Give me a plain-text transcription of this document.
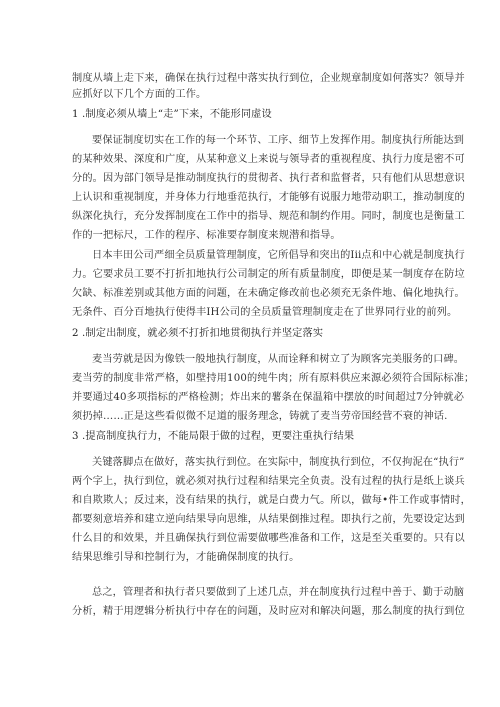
制度从墙上走下来，确保在执行过程中落实执行到位，企业规章制度如何落实？领导并
应抓好以下几个方面的工作。
1 .制度必须从墙上“走”下来，不能形同虚设
要保证制度切实在工作的每一个环节、工序、细节上发挥作用。制度执行所能达到
的某种效果、深度和广度，从某种意义上来说与领导者的重视程度、执行力度是密不可
分的。因为部门领导是推动制度执行的贯彻者、执行者和监督者，只有他们从思想意识
上认识和重视制度，并身体力行地垂范执行，才能够有说服力地带动职工，推动制度的
纵深化执行，充分发挥制度在工作中的指导、规范和制约作用。同时，制度也是衡量工
作的一把标尺，工作的程序、标准要存制度来规潜和指导。
日本丰田公司严细全员质量管理制度，它所倡导和突出的Iii点和中心就是制度执行
力。它要求员工要不打折扣地执行公司制定的所有质量制度，即便是某一制度存在防垃
欠缺、标准差别或其他方面的问题，在未确定修改前也必须充无条件地、偏化地执行。
无条件、百分百地执行使得丰IH公司的全员质量管理制度走在了世界同行业的前列。
2 .制定出制度，就必须不打折扣地贯彻执行并坚定落实
麦当劳就是因为像铁一般地执行制度，从而诠释和树立了为顾客完美服务的口碑。
麦当劳的制度非常严格，如壁持用100的纯牛肉；所有原料供应来源必须符合国际标准；
并要通过40多项指标的严格检测；炸出来的薯条在保温箱中摆放的时间超过7分钟就必
须扔掉……正是这些看似微不足道的服务理念，铸就了麦当劳帝国经营不衰的神话.
3 .提高制度执行力，不能局限于做的过程，更要注重执行结果
关键落脚点在做好，落实执行到位。在实际中，制度执行到位，不仅拘泥在“执行”
两个字上，执行到位，就必须对执行过程和结果完全负责。没有过程的执行是纸上谈兵
和自欺欺人；反过来，没有结果的执行，就是白费力气。所以，做每•件工作或事情时，
都要刻意培养和建立逆向结果导向思维，从结果倒推过程。即执行之前，先要设定达到
什么目的和效果，并且确保执行到位需要做哪些准备和工作，这是至关重要的。只有以
结果思维引导和控制行为，才能确保制度的执行。
总之，管理者和执行者只要做到了上述几点，并在制度执行过程中善于、勤于动脑
分析，精于用逻辑分析执行中存在的问题，及时应对和解决问题，那么制度的执行到位
